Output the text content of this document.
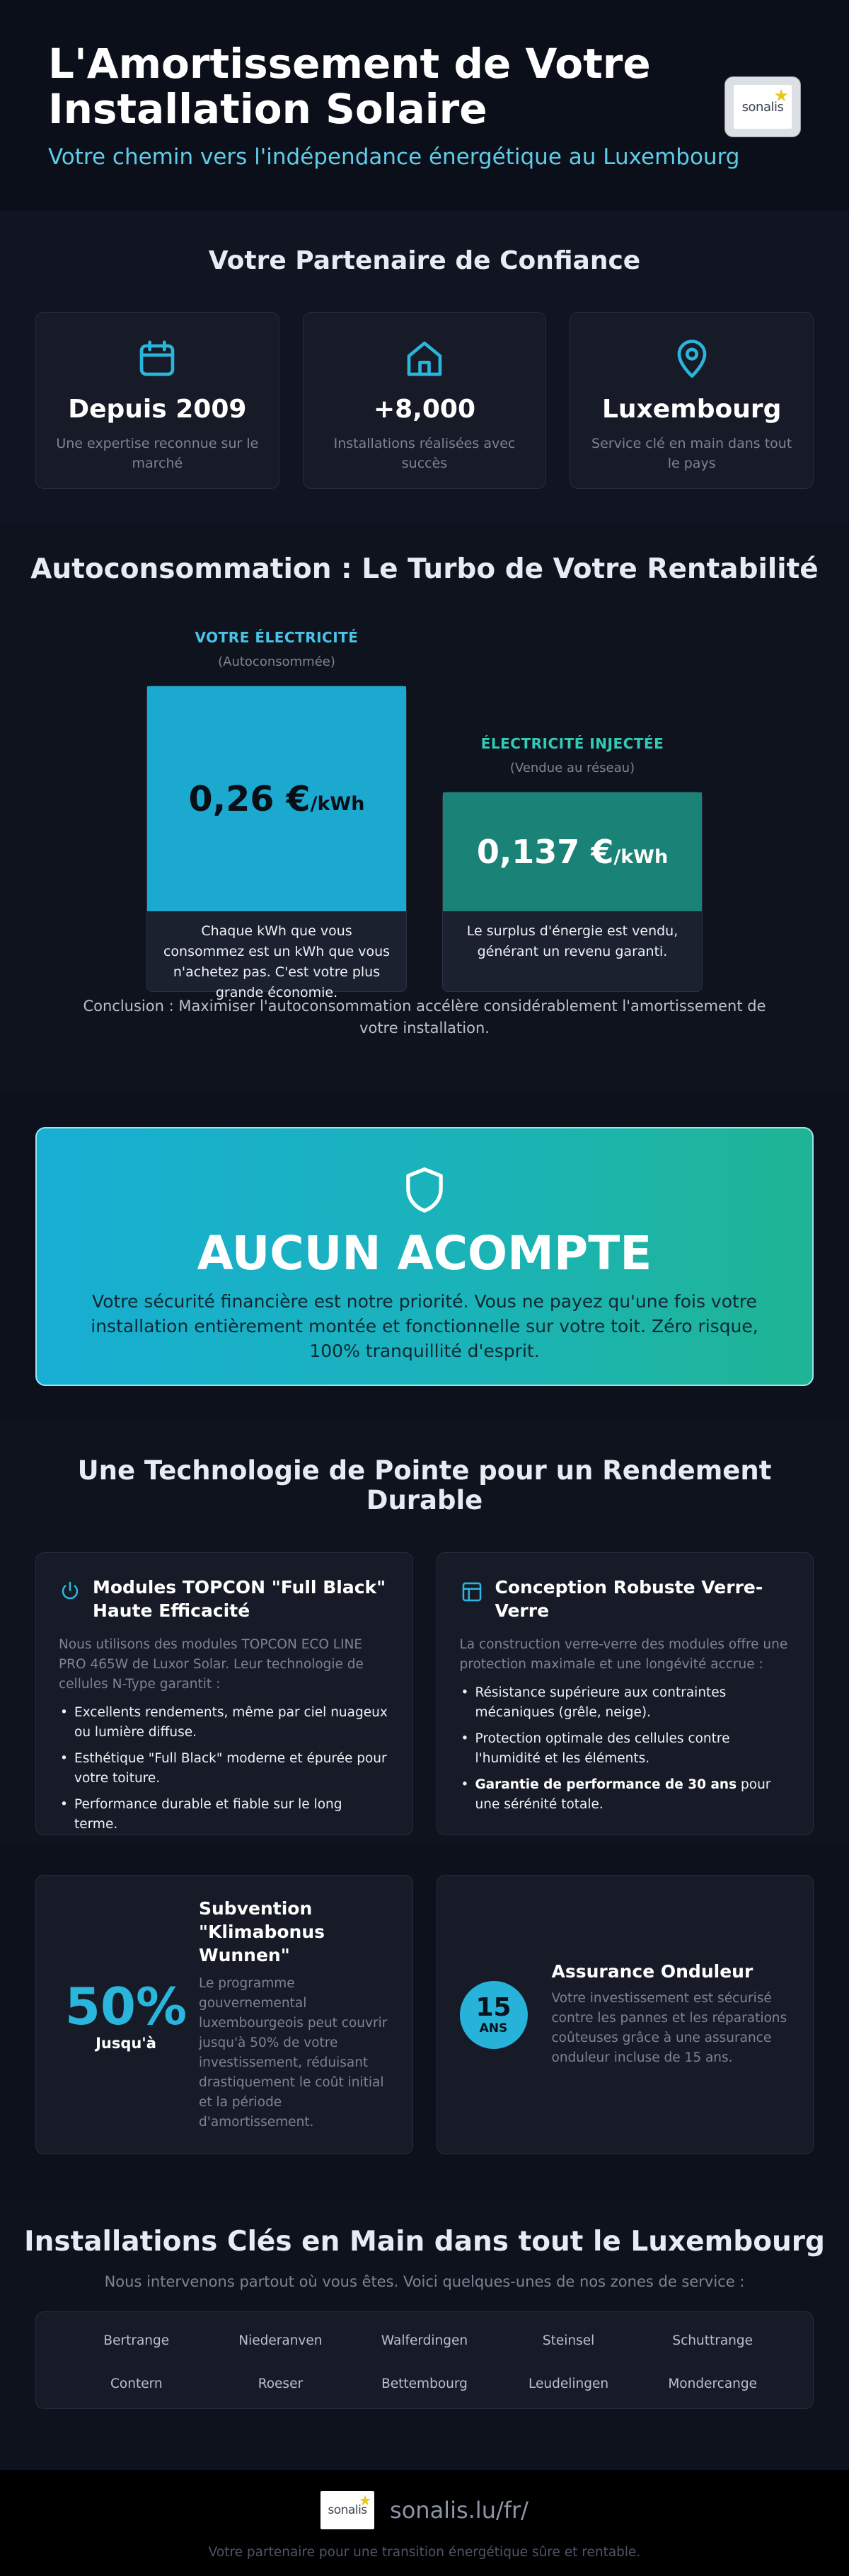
L'Amortissement de Votre Installation Solaire
Votre chemin vers l'indépendance énergétique au Luxembourg
sonalis
★
Votre Partenaire de Confiance
Depuis 2009
Une expertise reconnue sur le marché
+8,000
Installations réalisées avec succès
Luxembourg
Service clé en main dans tout le pays
Autoconsommation : Le Turbo de Votre Rentabilité
VOTRE ÉLECTRICITÉ
(Autoconsommée)
0,26 € /kWh
Chaque kWh que vous consommez est un kWh que vous n'achetez pas. C'est votre plus grande économie.
ÉLECTRICITÉ INJECTÉE
(Vendue au réseau)
0,137 € /kWh
Le surplus d'énergie est vendu, générant un revenu garanti.
Conclusion : Maximiser l'autoconsommation accélère considérablement l'amortissement de votre installation.
AUCUN ACOMPTE

Votre sécurité financière est notre priorité. Vous ne payez qu'une fois votre installation entièrement montée et fonctionnelle sur votre toit. Zéro risque, 100% tranquillité d'esprit.

Une Technologie de Pointe pour un Rendement Durable
Modules TOPCON "Full Black" Haute Efficacité
Nous utilisons des modules TOPCON ECO LINE PRO 465W de Luxor Solar. Leur technologie de cellules N-Type garantit :
• Excellents rendements, même par ciel nuageux ou lumière diffuse.
• Esthétique "Full Black" moderne et épurée pour votre toiture.
• Performance durable et fiable sur le long terme.
Conception Robuste Verre-Verre
La construction verre-verre des modules offre une protection maximale et une longévité accrue :
• Résistance supérieure aux contraintes mécaniques (grêle, neige).
• Protection optimale des cellules contre l'humidité et les éléments.
• Garantie de performance de 30 ans pour une sérénité totale.
50%
Jusqu'à
Subvention "Klimabonus Wunnen"

Le programme gouvernemental luxembourgeois peut couvrir jusqu'à 50% de votre investissement, réduisant drastiquement le coût initial et la période d'amortissement.

15
ANS
Assurance Onduleur

Votre investissement est sécurisé contre les pannes et les réparations coûteuses grâce à une assurance onduleur incluse de 15 ans.

Installations Clés en Main dans tout le Luxembourg
Nous intervenons partout où vous êtes. Voici quelques-unes de nos zones de service :
Bertrange	Niederanven	Walferdingen	Steinsel	Schuttrange
Contern	Roeser	Bettembourg	Leudelingen	Mondercange
sonalis
★ sonalis.lu/fr/
Votre partenaire pour une transition énergétique sûre et rentable.
